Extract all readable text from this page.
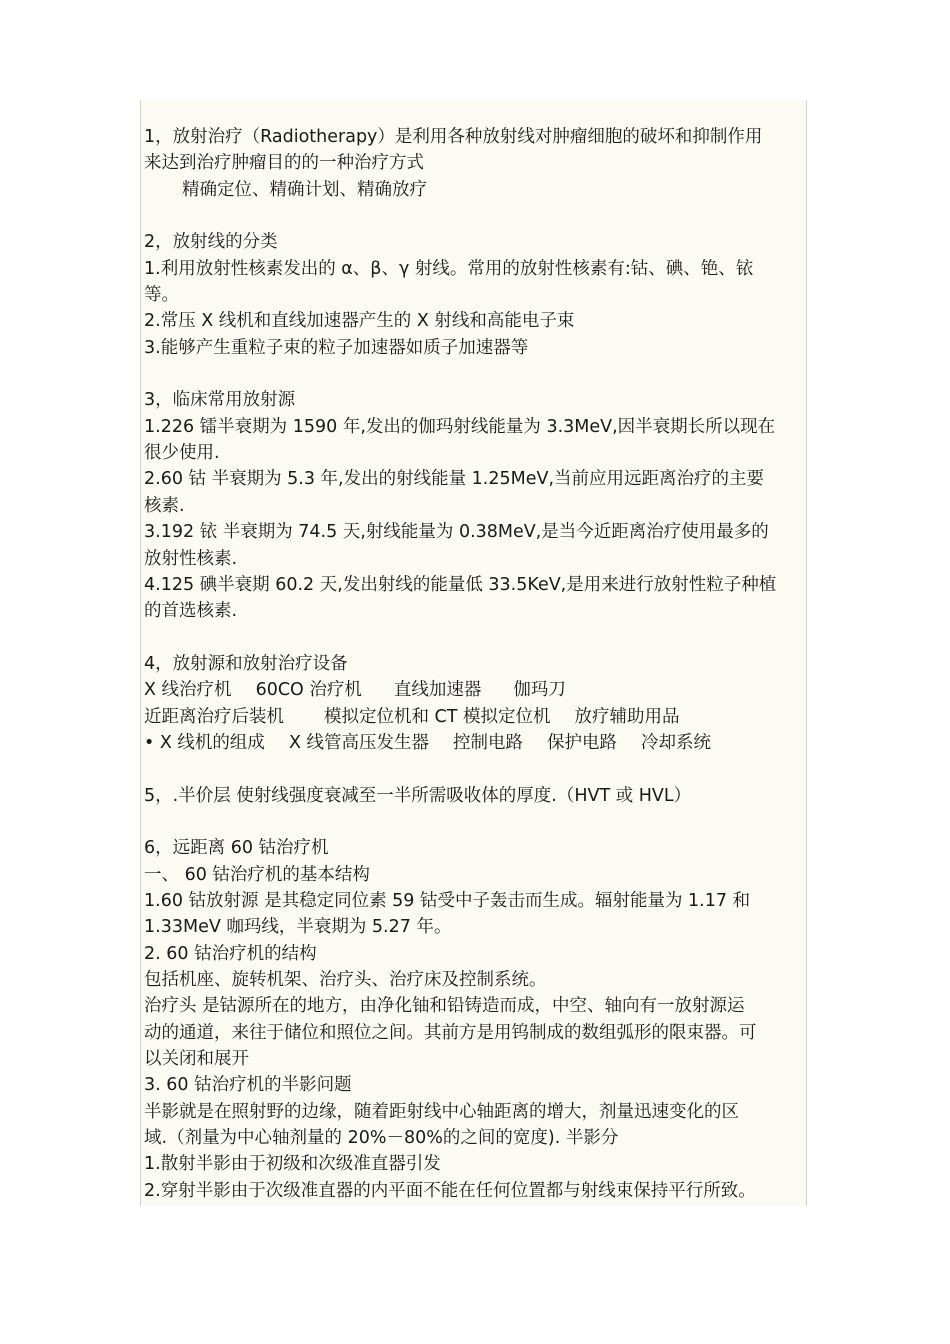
1，放射治疗（Radiotherapy）是利用各种放射线对肿瘤细胞的破坏和抑制作用
来达到治疗肿瘤目的的一种治疗方式
精确定位、精确计划、精确放疗
2，放射线的分类
1.利用放射性核素发出的 α、β、γ 射线。常用的放射性核素有:钴、碘、铯、铱
等。
2.常压 X 线机和直线加速器产生的 X 射线和高能电子束
3.能够产生重粒子束的粒子加速器如质子加速器等
3，临床常用放射源
1.226 镭半衰期为 1590 年,发出的伽玛射线能量为 3.3MeV,因半衰期长所以现在
很少使用.
2.60 钴 半衰期为 5.3 年,发出的射线能量 1.25MeV,当前应用远距离治疗的主要
核素.
3.192 铱 半衰期为 74.5 天,射线能量为 0.38MeV,是当今近距离治疗使用最多的
放射性核素.
4.125 碘半衰期 60.2 天,发出射线的能量低 33.5KeV,是用来进行放射性粒子种植
的首选核素.
4，放射源和放射治疗设备
X 线治疗机 60CO 治疗机 直线加速器 伽玛刀
近距离治疗后装机 模拟定位机和 CT 模拟定位机 放疗辅助用品
• X 线机的组成 X 线管高压发生器 控制电路 保护电路 冷却系统
5，.半价层 使射线强度衰减至一半所需吸收体的厚度.（HVT 或 HVL）
6，远距离 60 钴治疗机
一、 60 钴治疗机的基本结构
1.60 钴放射源 是其稳定同位素 59 钴受中子轰击而生成。辐射能量为 1.17 和
1.33MeV 咖玛线，半衰期为 5.27 年。
2. 60 钴治疗机的结构
包括机座、旋转机架、治疗头、治疗床及控制系统。
治疗头 是钴源所在的地方，由净化铀和铅铸造而成，中空、轴向有一放射源运
动的通道，来往于储位和照位之间。其前方是用钨制成的数组弧形的限束器。可
以关闭和展开
3. 60 钴治疗机的半影问题
半影就是在照射野的边缘，随着距射线中心轴距离的增大，剂量迅速变化的区
域.（剂量为中心轴剂量的 20%－80%的之间的宽度). 半影分
1.散射半影由于初级和次级准直器引发
2.穿射半影由于次级准直器的内平面不能在任何位置都与射线束保持平行所致。
